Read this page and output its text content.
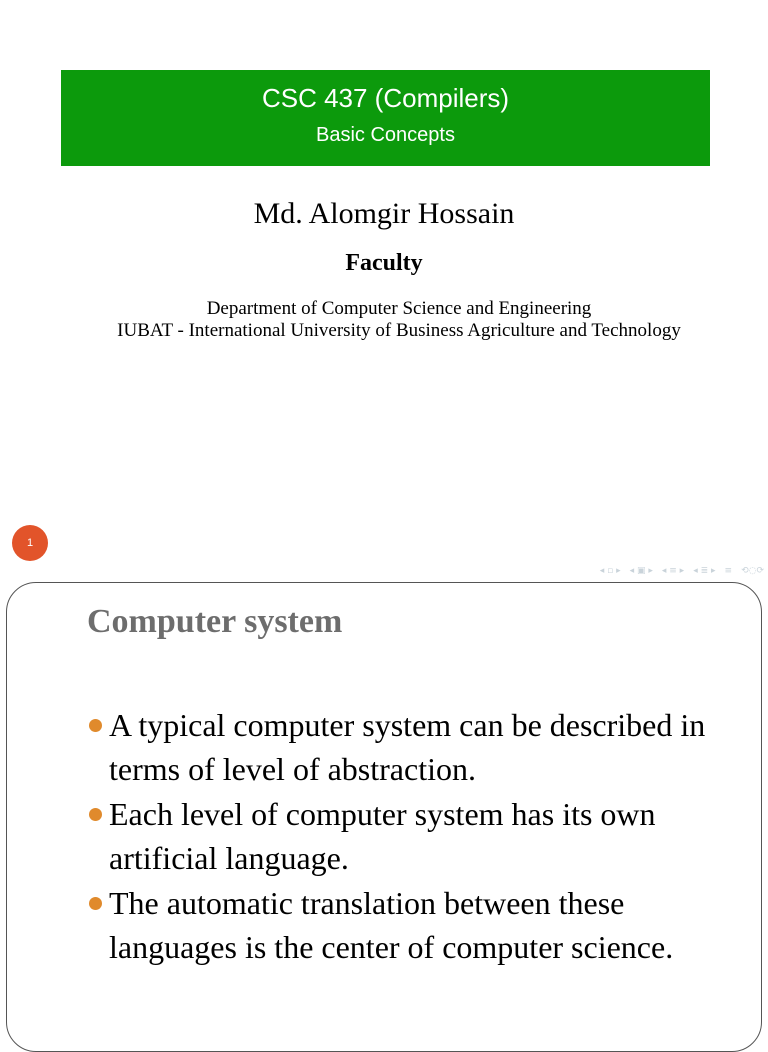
CSC 437 (Compilers)
Basic Concepts
Md. Alomgir Hossain
Faculty
Department of Computer Science and Engineering
IUBAT - International University of Business Agriculture and Technology
1
◂ ▫ ▸ ◂ ▣ ▸ ◂ ≡ ▸ ◂ ≣ ▸ ≡ ⟲◌⟳
Computer system
A typical computer system can be described in terms of level of abstraction.
Each level of computer system has its own artificial language.
The automatic translation between these languages is the center of computer science.
